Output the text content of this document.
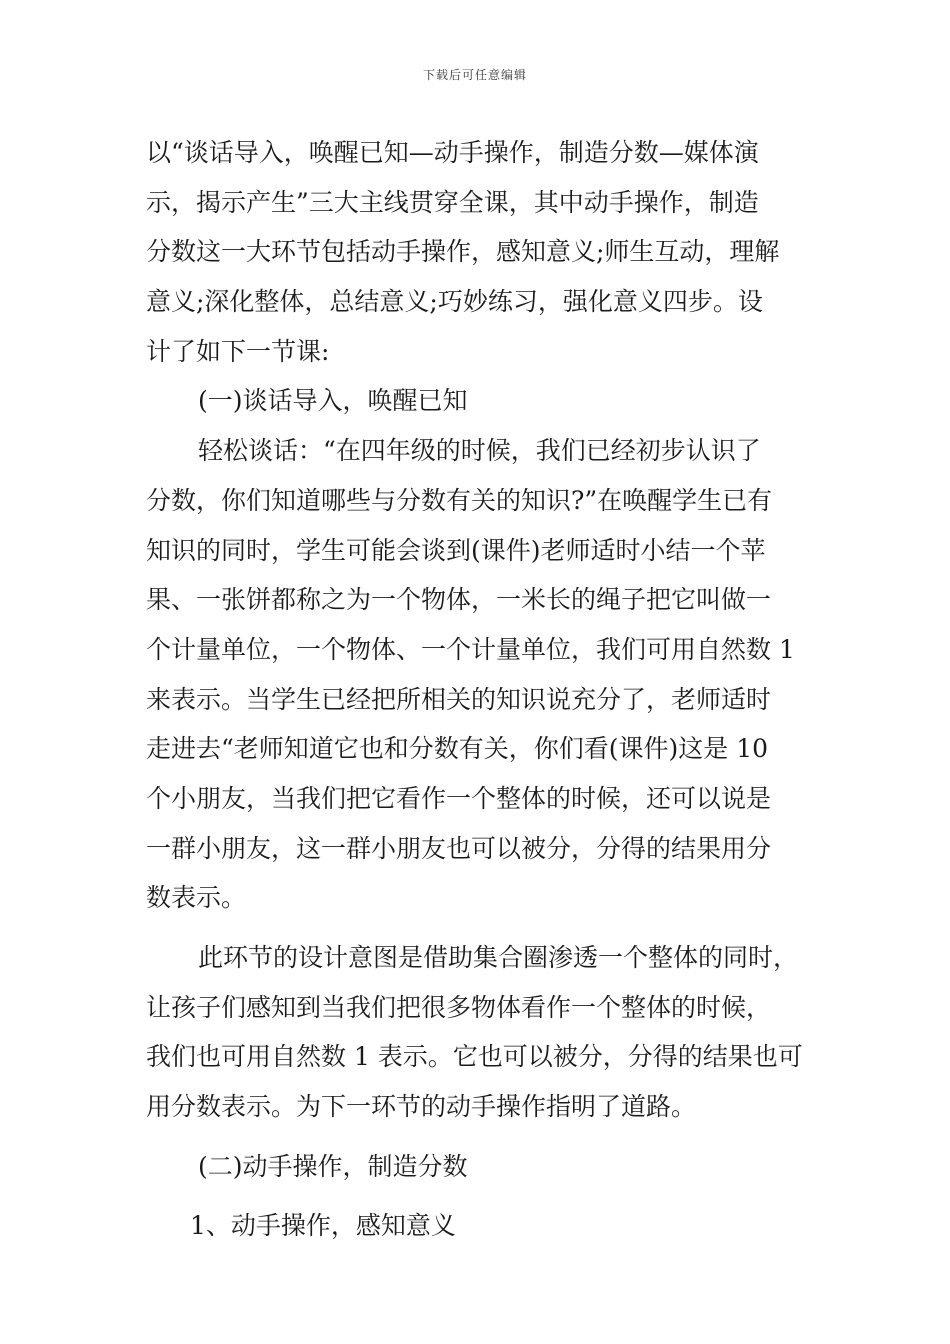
下载后可任意编辑
以“谈话导入，唤醒已知—动手操作，制造分数—媒体演
示，揭示产生”三大主线贯穿全课，其中动手操作，制造
分数这一大环节包括动手操作，感知意义;师生互动，理解
意义;深化整体，总结意义;巧妙练习，强化意义四步。设
计了如下一节课:
(一)谈话导入，唤醒已知
轻松谈话：“在四年级的时候，我们已经初步认识了
分数，你们知道哪些与分数有关的知识?”在唤醒学生已有
知识的同时，学生可能会谈到(课件)老师适时小结一个苹
果、一张饼都称之为一个物体，一米长的绳子把它叫做一
个计量单位，一个物体、一个计量单位，我们可用自然数 1
来表示。当学生已经把所相关的知识说充分了，老师适时
走进去“老师知道它也和分数有关，你们看(课件)这是 10
个小朋友，当我们把它看作一个整体的时候，还可以说是
一群小朋友，这一群小朋友也可以被分，分得的结果用分
数表示。
此环节的设计意图是借助集合圈渗透一个整体的同时，
让孩子们感知到当我们把很多物体看作一个整体的时候，
我们也可用自然数 1 表示。它也可以被分，分得的结果也可
用分数表示。为下一环节的动手操作指明了道路。
(二)动手操作，制造分数
1、动手操作，感知意义
